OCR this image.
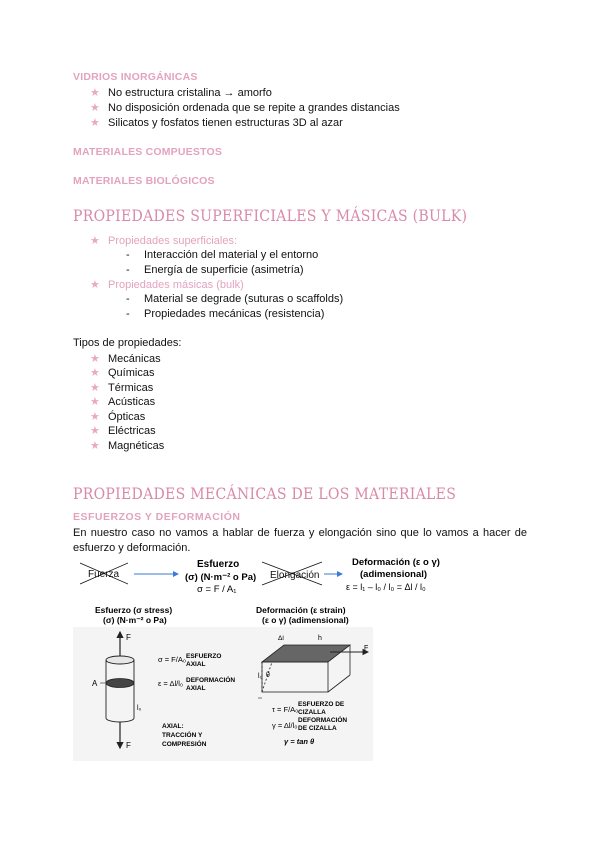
VIDRIOS INORGÁNICAS
★ No estructura cristalina → amorfo
★ No disposición ordenada que se repite a grandes distancias
★ Silicatos y fosfatos tienen estructuras 3D al azar
MATERIALES COMPUESTOS
MATERIALES BIOLÓGICOS
PROPIEDADES SUPERFICIALES Y MÁSICAS (BULK)
★ Propiedades superficiales:
- Interacción del material y el entorno
- Energía de superficie (asimetría)
★ Propiedades másicas (bulk)
- Material se degrade (suturas o scaffolds)
- Propiedades mecánicas (resistencia)
Tipos de propiedades:
★ Mecánicas
★ Químicas
★ Térmicas
★ Acústicas
★ Ópticas
★ Eléctricas
★ Magnéticas
PROPIEDADES MECÁNICAS DE LOS MATERIALES
ESFUERZOS Y DEFORMACIÓN
En nuestro caso no vamos a hablar de fuerza y elongación sino que lo vamos a hacer de esfuerzo y deformación.
Fuerza
Esfuerzo
(σ) (N·m⁻² o Pa)
σ = F / A₁
Elongación
Deformación (ε o γ)
(adimensional)
ε = l₁ – l₀ / l₀ = Δl / l₀
Esfuerzo (σ stress)
(σ) (N·m⁻² o Pa)
Deformación (ε strain)
(ε o γ) (adimensional)
F
A
l₀
F
σ = F/A₀ ESFUERZO
AXIAL
ε = Δl/l₀ DEFORMACIÓN
AXIAL
AXIAL:
TRACCIÓN Y
COMPRESIÓN
θ
l₀
Δl	h
F
τ = F/A₀
ESFUERZO DE
CIZALLA
γ = Δl/l₀
DEFORMACIÓN
DE CIZALLA
γ = tan θ
